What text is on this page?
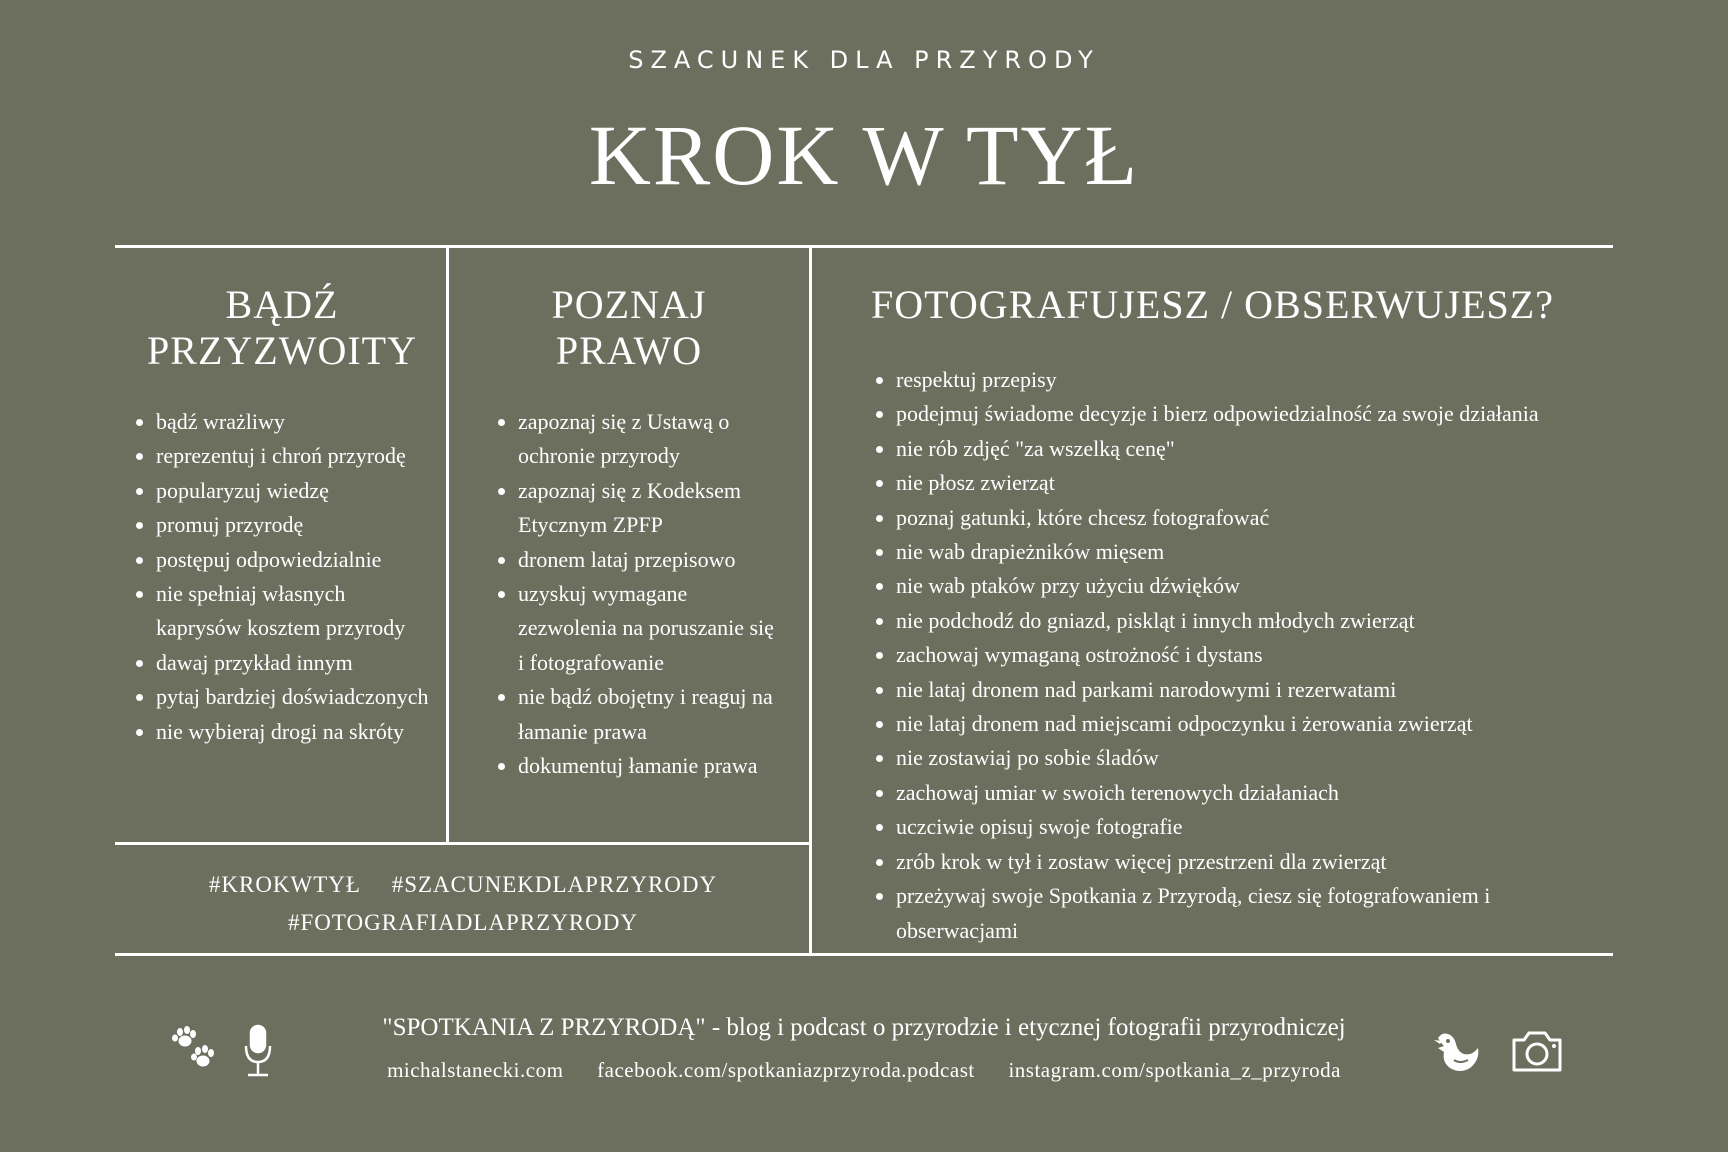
SZACUNEK DLA PRZYRODY
KROK W TYŁ
BĄDŹ
PRZYZWOITY
bądź wrażliwy
reprezentuj i chroń przyrodę
popularyzuj wiedzę
promuj przyrodę
postępuj odpowiedzialnie
nie spełniaj własnych kaprysów kosztem przyrody
dawaj przykład innym
pytaj bardziej doświadczonych
nie wybieraj drogi na skróty
POZNAJ
PRAWO
zapoznaj się z Ustawą o ochronie przyrody
zapoznaj się z Kodeksem Etycznym ZPFP
dronem lataj przepisowo
uzyskuj wymagane zezwolenia na poruszanie się i fotografowanie
nie bądź obojętny i reaguj na łamanie prawa
dokumentuj łamanie prawa
FOTOGRAFUJESZ / OBSERWUJESZ?
respektuj przepisy
podejmuj świadome decyzje i bierz odpowiedzialność za swoje działania
nie rób zdjęć "za wszelką cenę"
nie płosz zwierząt
poznaj gatunki, które chcesz fotografować
nie wab drapieżników mięsem
nie wab ptaków przy użyciu dźwięków
nie podchodź do gniazd, piskląt i innych młodych zwierząt
zachowaj wymaganą ostrożność i dystans
nie lataj dronem nad parkami narodowymi i rezerwatami
nie lataj dronem nad miejscami odpoczynku i żerowania zwierząt
nie zostawiaj po sobie śladów
zachowaj umiar w swoich terenowych działaniach
uczciwie opisuj swoje fotografie
zrób krok w tył i zostaw więcej przestrzeni dla zwierząt
przeżywaj swoje Spotkania z Przyrodą, ciesz się fotografowaniem i obserwacjami
#KROKWTYŁ #SZACUNEKDLAPRZYRODY
#FOTOGRAFIADLAPRZYRODY
"SPOTKANIA Z PRZYRODĄ" - blog i podcast o przyrodzie i etycznej fotografii przyrodniczej
michalstanecki.com facebook.com/spotkaniazprzyroda.podcast instagram.com/spotkania_z_przyroda
